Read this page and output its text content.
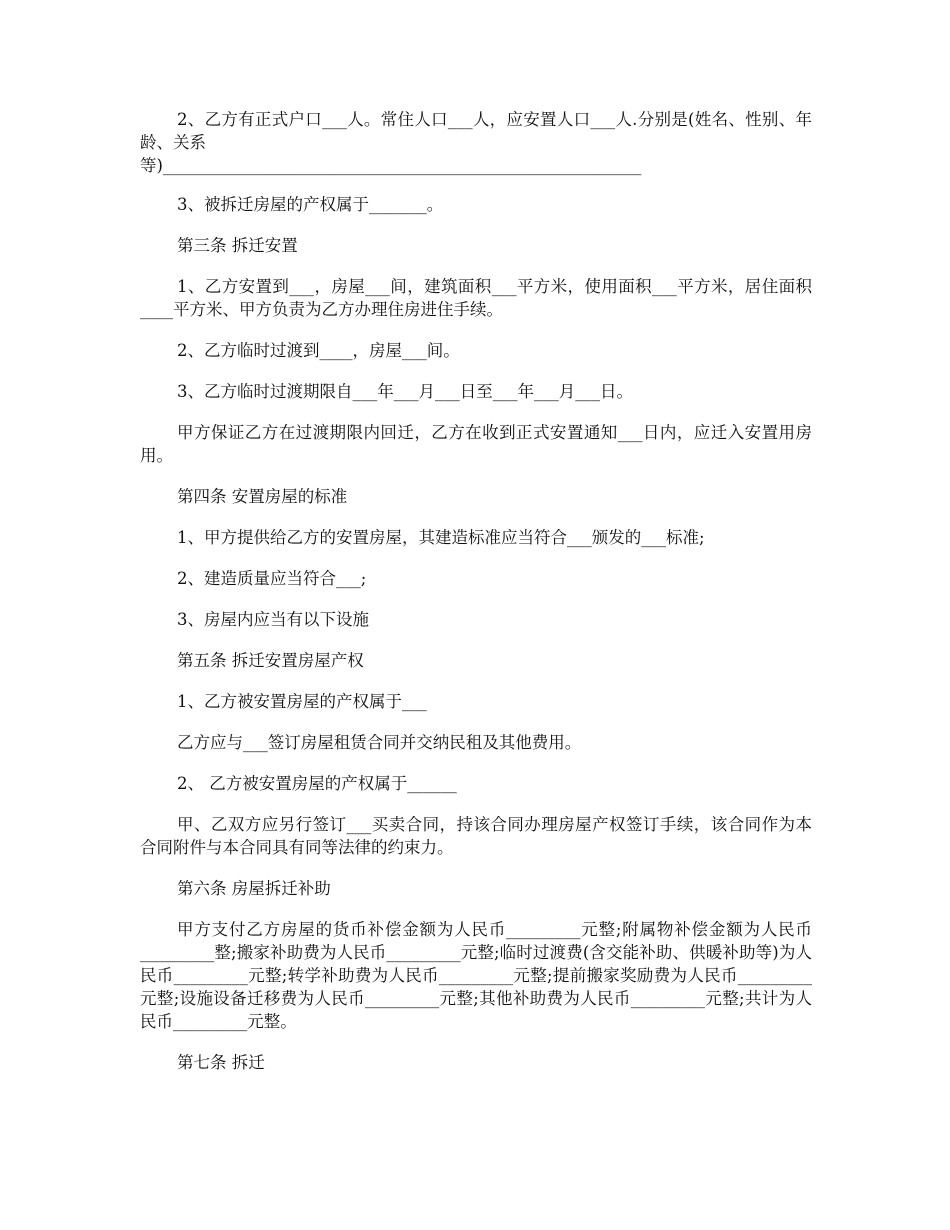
2、乙方有正式户口___人。常住人口___人，应安置人口___人.分别是(姓名、性别、年龄、关系

等)__________________________________________________________

3、被拆迁房屋的产权属于_______。

第三条 拆迁安置

1、乙方安置到___，房屋___间，建筑面积___平方米，使用面积___平方米，居住面积____平方米、甲方负责为乙方办理住房进住手续。

2、乙方临时过渡到____，房屋___间。

3、乙方临时过渡期限自___年___月___日至___年___月___日。

甲方保证乙方在过渡期限内回迁，乙方在收到正式安置通知___日内，应迁入安置用房用。

第四条 安置房屋的标准

1、甲方提供给乙方的安置房屋，其建造标准应当符合___颁发的___标准;

2、建造质量应当符合___;

3、房屋内应当有以下设施

第五条 拆迁安置房屋产权

1、乙方被安置房屋的产权属于___

乙方应与___签订房屋租赁合同并交纳民租及其他费用。

2、 乙方被安置房屋的产权属于______

甲、乙双方应另行签订___买卖合同，持该合同办理房屋产权签订手续，该合同作为本合同附件与本合同具有同等法律的约束力。

第六条 房屋拆迁补助

甲方支付乙方房屋的货币补偿金额为人民币_________元整;附属物补偿金额为人民币_________整;搬家补助费为人民币_________元整;临时过渡费(含交能补助、供暖补助等)为人民币_________元整;转学补助费为人民币_________元整;提前搬家奖励费为人民币_________元整;设施设备迁移费为人民币_________元整;其他补助费为人民币_________元整;共计为人民币_________元整。

第七条 拆迁
